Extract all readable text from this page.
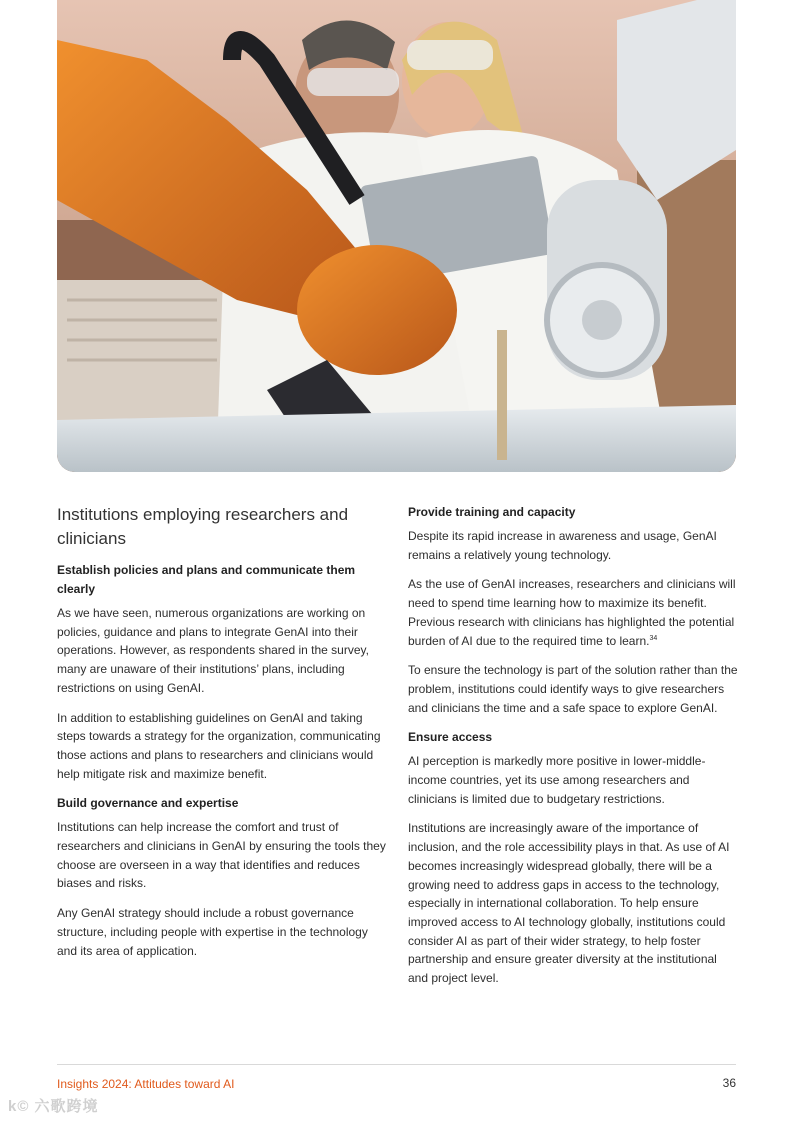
Institutions employing researchers and clinicians
Establish policies and plans and communicate them clearly

As we have seen, numerous organizations are working on policies, guidance and plans to integrate GenAI into their operations. However, as respondents shared in the survey, many are unaware of their institutions’ plans, including restrictions on using GenAI.

In addition to establishing guidelines on GenAI and taking steps towards a strategy for the organization, communicating those actions and plans to researchers and clinicians would help mitigate risk and maximize benefit.

Build governance and expertise

Institutions can help increase the comfort and trust of researchers and clinicians in GenAI by ensuring the tools they choose are overseen in a way that identifies and reduces biases and risks.

Any GenAI strategy should include a robust governance structure, including people with expertise in the technology and its area of application.

Provide training and capacity

Despite its rapid increase in awareness and usage, GenAI remains a relatively young technology.

As the use of GenAI increases, researchers and clinicians will need to spend time learning how to maximize its benefit. Previous research with clinicians has highlighted the potential burden of AI due to the required time to learn.$^{34}$

To ensure the technology is part of the solution rather than the problem, institutions could identify ways to give researchers and clinicians the time and a safe space to explore GenAI.

Ensure access

AI perception is markedly more positive in lower-middle-income countries, yet its use among researchers and clinicians is limited due to budgetary restrictions.

Institutions are increasingly aware of the importance of inclusion, and the role accessibility plays in that. As use of AI becomes increasingly widespread globally, there will be a growing need to address gaps in access to the technology, especially in international collaboration. To help ensure improved access to AI technology globally, institutions could consider AI as part of their wider strategy, to help foster partnership and ensure greater diversity at the institutional and project level.

Insights 2024: Attitudes toward AI	36
k© 六歌跨境
